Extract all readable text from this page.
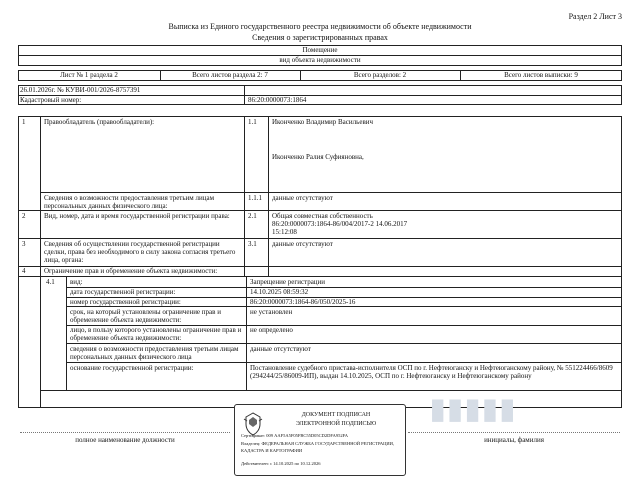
Раздел 2 Лист 3
Выписка из Единого государственного реестра недвижимости об объекте недвижимости
Сведения о зарегистрированных правах
Помещение
вид объекта недвижимости
Лист № 1 раздела 2	Всего листов раздела 2: 7	Всего разделов: 2	Всего листов выписки: 9
26.01.2026г. № КУВИ-001/2026-8757391
Кадастровый номер:	86:20:0000073:1864
1	Правообладатель (правообладатели):	1.1 Иконченко Владимир Васильевич
Иконченко Ралия Суфияновна,
Сведения о возможности предоставления третьим лицам персональных данных физического лица:
1.1.1 данные отсутствуют
2	Вид, номер, дата и время государственной регистрации права:	2.1 Общая совместная собственность 86:20:0000073:1864-86/004/2017-2 14.06.2017 15:12:08
3	Сведения об осуществлении государственной регистрации сделки, права без необходимого в силу закона согласия третьего лица, органа:
3.1 данные отсутствуют
4	Ограничение прав и обременение объекта недвижимости:
4.1 вид:	Запрещение регистрации
дата государственной регистрации:	14.10.2025 08:59:32
номер государственной регистрации:	86:20:0000073:1864-86/050/2025-16
срок, на который установлены ограничение прав и обременение объекта недвижимости:
не установлен
лицо, в пользу которого установлены ограничение прав и обременение объекта недвижимости:
не определено
сведения о возможности предоставления третьим лицам персональных данных физического лица
данные отсутствуют
основание государственной регистрации:	Постановление судебного пристава-исполнителя ОСП по г. Нефтеюганску и Нефтеюганскому району, № 551224466/8609 (294244/25/86009-ИП), выдан 14.10.2025, ОСП по г. Нефтеюганску и Нефтеюганскому району
▮▮▮▮▮
полное наименование должности	инициалы, фамилия
ДОКУМЕНТ ПОДПИСАН
ЭЛЕКТРОННОЙ ПОДПИСЬЮ
Сертификат: 009 AAF5A5F05FBC55D05CD2DFA952FA
Владелец: ФЕДЕРАЛЬНАЯ СЛУЖБА ГОСУДАРСТВЕННОЙ РЕГИСТРАЦИИ, КАДАСТРА И КАРТОГРАФИИ
Действителен: с 14.10.2025 по 10.12.2026
